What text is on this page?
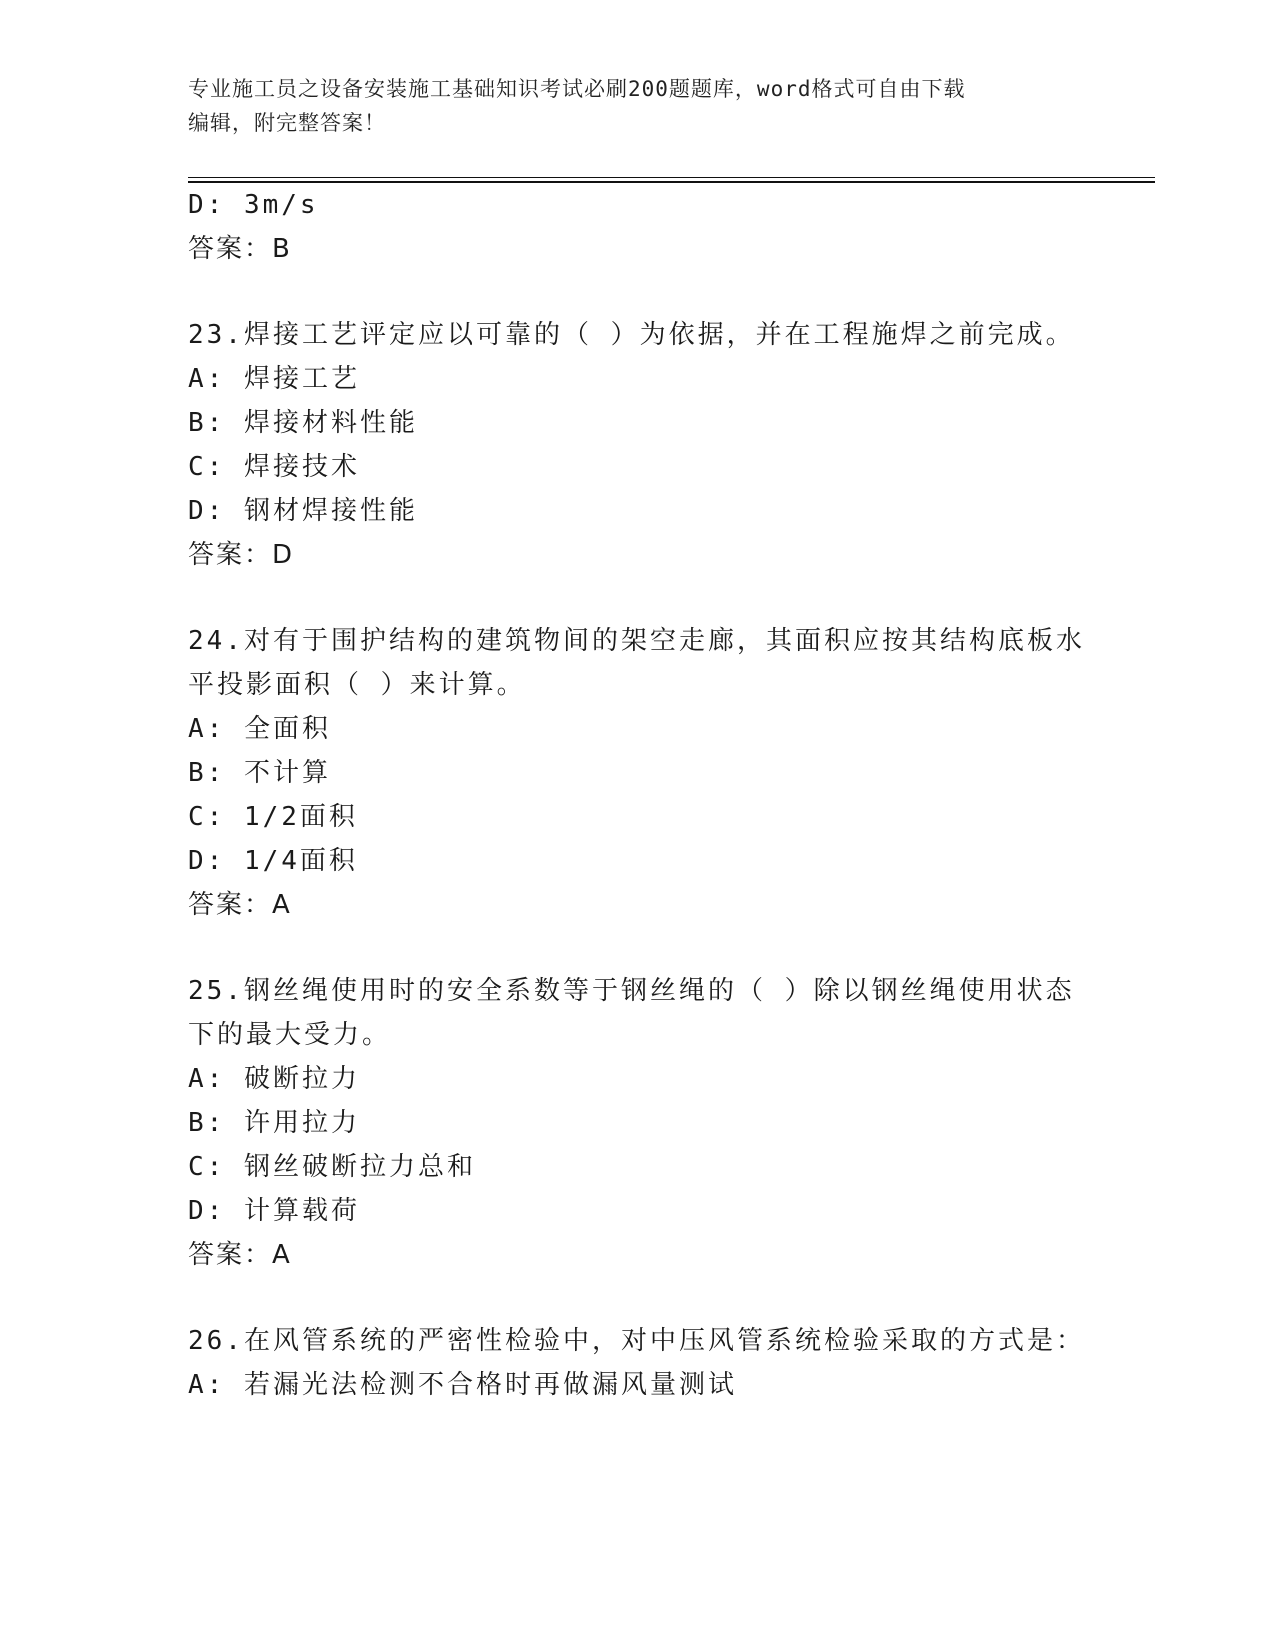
专业施工员之设备安装施工基础知识考试必刷200题题库，word格式可自由下载
编辑，附完整答案！
D: 3m/s
答案：B
23.焊接工艺评定应以可靠的（ ）为依据，并在工程施焊之前完成。
A: 焊接工艺
B: 焊接材料性能
C: 焊接技术
D: 钢材焊接性能
答案：D
24.对有于围护结构的建筑物间的架空走廊，其面积应按其结构底板水
平投影面积（ ）来计算。
A: 全面积
B: 不计算
C: 1/2面积
D: 1/4面积
答案：A
25.钢丝绳使用时的安全系数等于钢丝绳的（ ）除以钢丝绳使用状态
下的最大受力。
A: 破断拉力
B: 许用拉力
C: 钢丝破断拉力总和
D: 计算载荷
答案：A
26.在风管系统的严密性检验中，对中压风管系统检验采取的方式是：
A: 若漏光法检测不合格时再做漏风量测试
